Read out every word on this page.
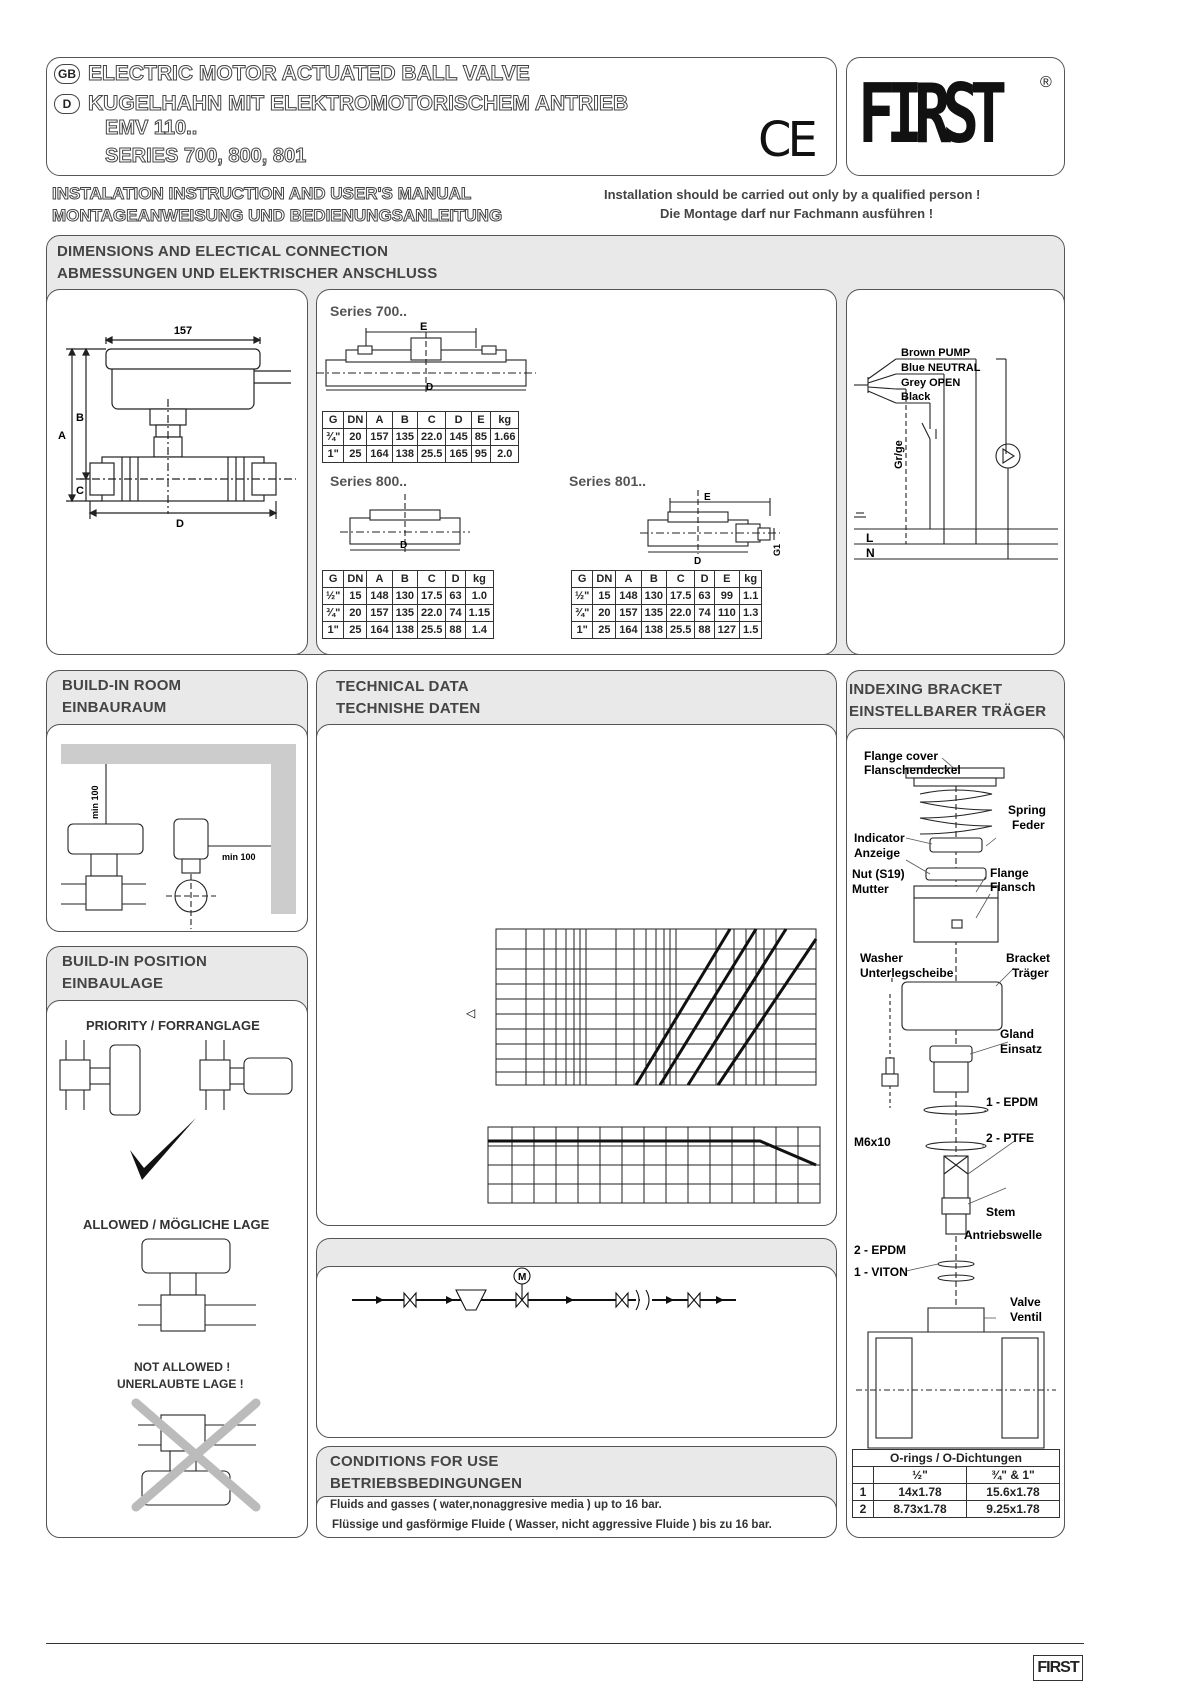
GB ELECTRIC MOTOR ACTUATED BALL VALVE
D KUGELHAHN MIT ELEKTROMOTORISCHEM ANTRIEB
EMV 110..
SERIES 700, 800, 801	CE FIRST	®
INSTALATION INSTRUCTION AND USER'S MANUAL
MONTAGEANWEISUNG UND BEDIENUNGSANLEITUNG
Installation should be carried out only by a qualified person !
Die Montage darf nur Fachmann ausführen !
DIMENSIONS AND ELECTICAL CONNECTION
ABMESSUNGEN UND ELEKTRISCHER ANSCHLUSS
157
A
B
C
D
Series 700..
E
D
G	DN	A	B	C	D	E	kg
¾"	20	157	135	22.0	145	85	1.66
1"	25	164	138	25.5	165	95	2.0
Series 800..
D
G	DN	A	B	C	D	kg
½"	15	148	130	17.5	63	1.0
¾"	20	157	135	22.0	74	1.15
1"	25	164	138	25.5	88	1.4
Series 801..
E
D
G1
G	DN	A	B	C	D	E	kg
½"	15	148	130	17.5	63	99	1.1
¾"	20	157	135	22.0	74	110	1.3
1"	25	164	138	25.5	88	127	1.5
Brown PUMP
Blue NEUTRAL
Grey OPEN
Black
Gr/ge
L
N
BUILD-IN ROOM
EINBAURAUM
min 100
min 100
BUILD-IN POSITION
EINBAULAGE
PRIORITY / FORRANGLAGE
ALLOWED / MÖGLICHE LAGE
NOT ALLOWED !
UNERLAUBTE LAGE !
TECHNICAL DATA
TECHNISHE DATEN
◁
M
CONDITIONS FOR USE
BETRIEBSBEDINGUNGEN
Fluids and gasses ( water,nonaggresive media ) up to 16 bar.
Flüssige und gasförmige Fluide ( Wasser, nicht aggressive Fluide ) bis zu 16 bar.
INDEXING BRACKET
EINSTELLBARER TRÄGER
Flange cover
Flanschendeckel
Spring
Feder
Indicator
Anzeige
Nut (S19)
Mutter
Flange
Flansch
Washer
Unterlegscheibe
Bracket
Träger
Gland
Einsatz
1 - EPDM
2 - PTFE
M6x10
Stem
Antriebswelle
2 - EPDM
1 - VITON
Valve
Ventil
O-rings / O-Dichtungen		
	½"	¾" & 1"
1	14x1.78	15.6x1.78
2	8.73x1.78	9.25x1.78
FIRST
